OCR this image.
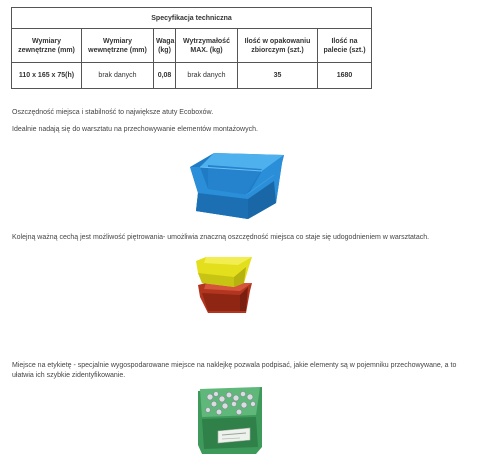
Specyfikacja techniczna					
Wymiary zewnętrzne (mm)	Wymiary wewnętrzne (mm)	Waga (kg)	Wytrzymałość MAX. (kg)	Ilość w opakowaniu zbiorczym (szt.)	Ilość na palecie (szt.)
110 x 165 x 75(h)	brak danych	0,08	brak danych	35	1680

Oszczędność miejsca i stabilność to największe atuty Ecoboxów.

Idealnie nadają się do warsztatu na przechowywanie elementów montażowych.

Kolejną ważną cechą jest możliwość piętrowania- umożliwia znaczną oszczędność miejsca co staje się udogodnieniem w warsztatach.

Miejsce na etykietę - specjalnie wygospodarowane miejsce na naklejkę pozwala podpisać, jakie elementy są w pojemniku przechowywane, a to ułatwia ich szybkie zidentyfikowanie.
